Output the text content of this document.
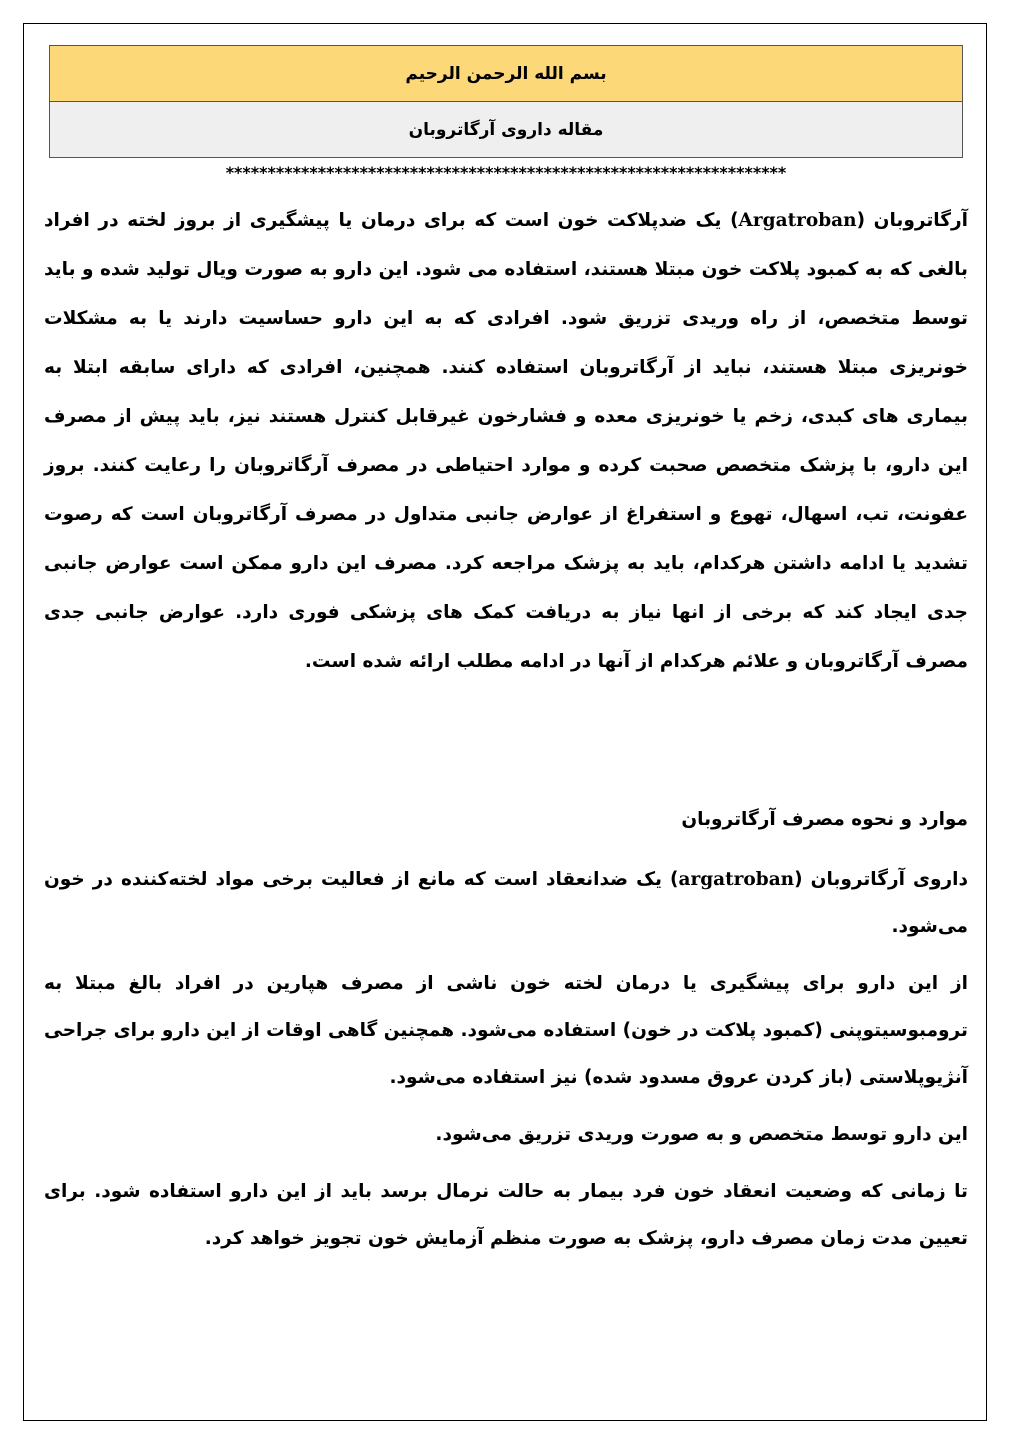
بسم الله الرحمن الرحیم
مقاله داروی آرگاتروبان
*******************************************************************

آرگاتروبان (Argatroban) یک ضدپلاکت خون است که برای درمان یا پیشگیری از بروز لخته در افراد بالغی که به کمبود پلاکت خون مبتلا هستند، استفاده می شود. این دارو به صورت ویال تولید شده و باید توسط متخصص، از راه وریدی تزریق شود. افرادی که به این دارو حساسیت دارند یا به مشکلات خونریزی مبتلا هستند، نباید از آرگاتروبان استفاده کنند. همچنین، افرادی که دارای سابقه ابتلا به بیماری های کبدی، زخم یا خونریزی معده و فشارخون غیرقابل کنترل هستند نیز، باید پیش از مصرف این دارو، با پزشک متخصص صحبت کرده و موارد احتیاطی در مصرف آرگاتروبان را رعایت کنند. بروز عفونت، تب، اسهال، تهوع و استفراغ از عوارض جانبی متداول در مصرف آرگاتروبان است که رصوت تشدید یا ادامه داشتن هرکدام، باید به پزشک مراجعه کرد. مصرف این دارو ممکن است عوارض جانبی جدی ایجاد کند که برخی از انها نیاز به دریافت کمک های پزشکی فوری دارد. عوارض جانبی جدی مصرف آرگاتروبان و علائم هرکدام از آنها در ادامه مطلب ارائه شده است.

موارد و نحوه مصرف آرگاتروبان

داروی آرگاتروبان (argatroban) یک ضدانعقاد است که مانع از فعالیت برخی مواد لخته‌کننده در خون می‌شود.

از این دارو برای پیشگیری یا درمان لخته خون ناشی از مصرف هپارین در افراد بالغ مبتلا به ترومبوسیتوپنی (کمبود پلاکت در خون) استفاده می‌شود. همچنین گاهی اوقات از این دارو برای جراحی آنژیوپلاستی (باز کردن عروق مسدود شده) نیز استفاده می‌شود.

این دارو توسط متخصص و به صورت وریدی تزریق می‌شود.

تا زمانی که وضعیت انعقاد خون فرد بیمار به حالت نرمال برسد باید از این دارو استفاده شود. برای تعیین مدت زمان مصرف دارو، پزشک به صورت منظم آزمایش خون تجویز خواهد کرد.
